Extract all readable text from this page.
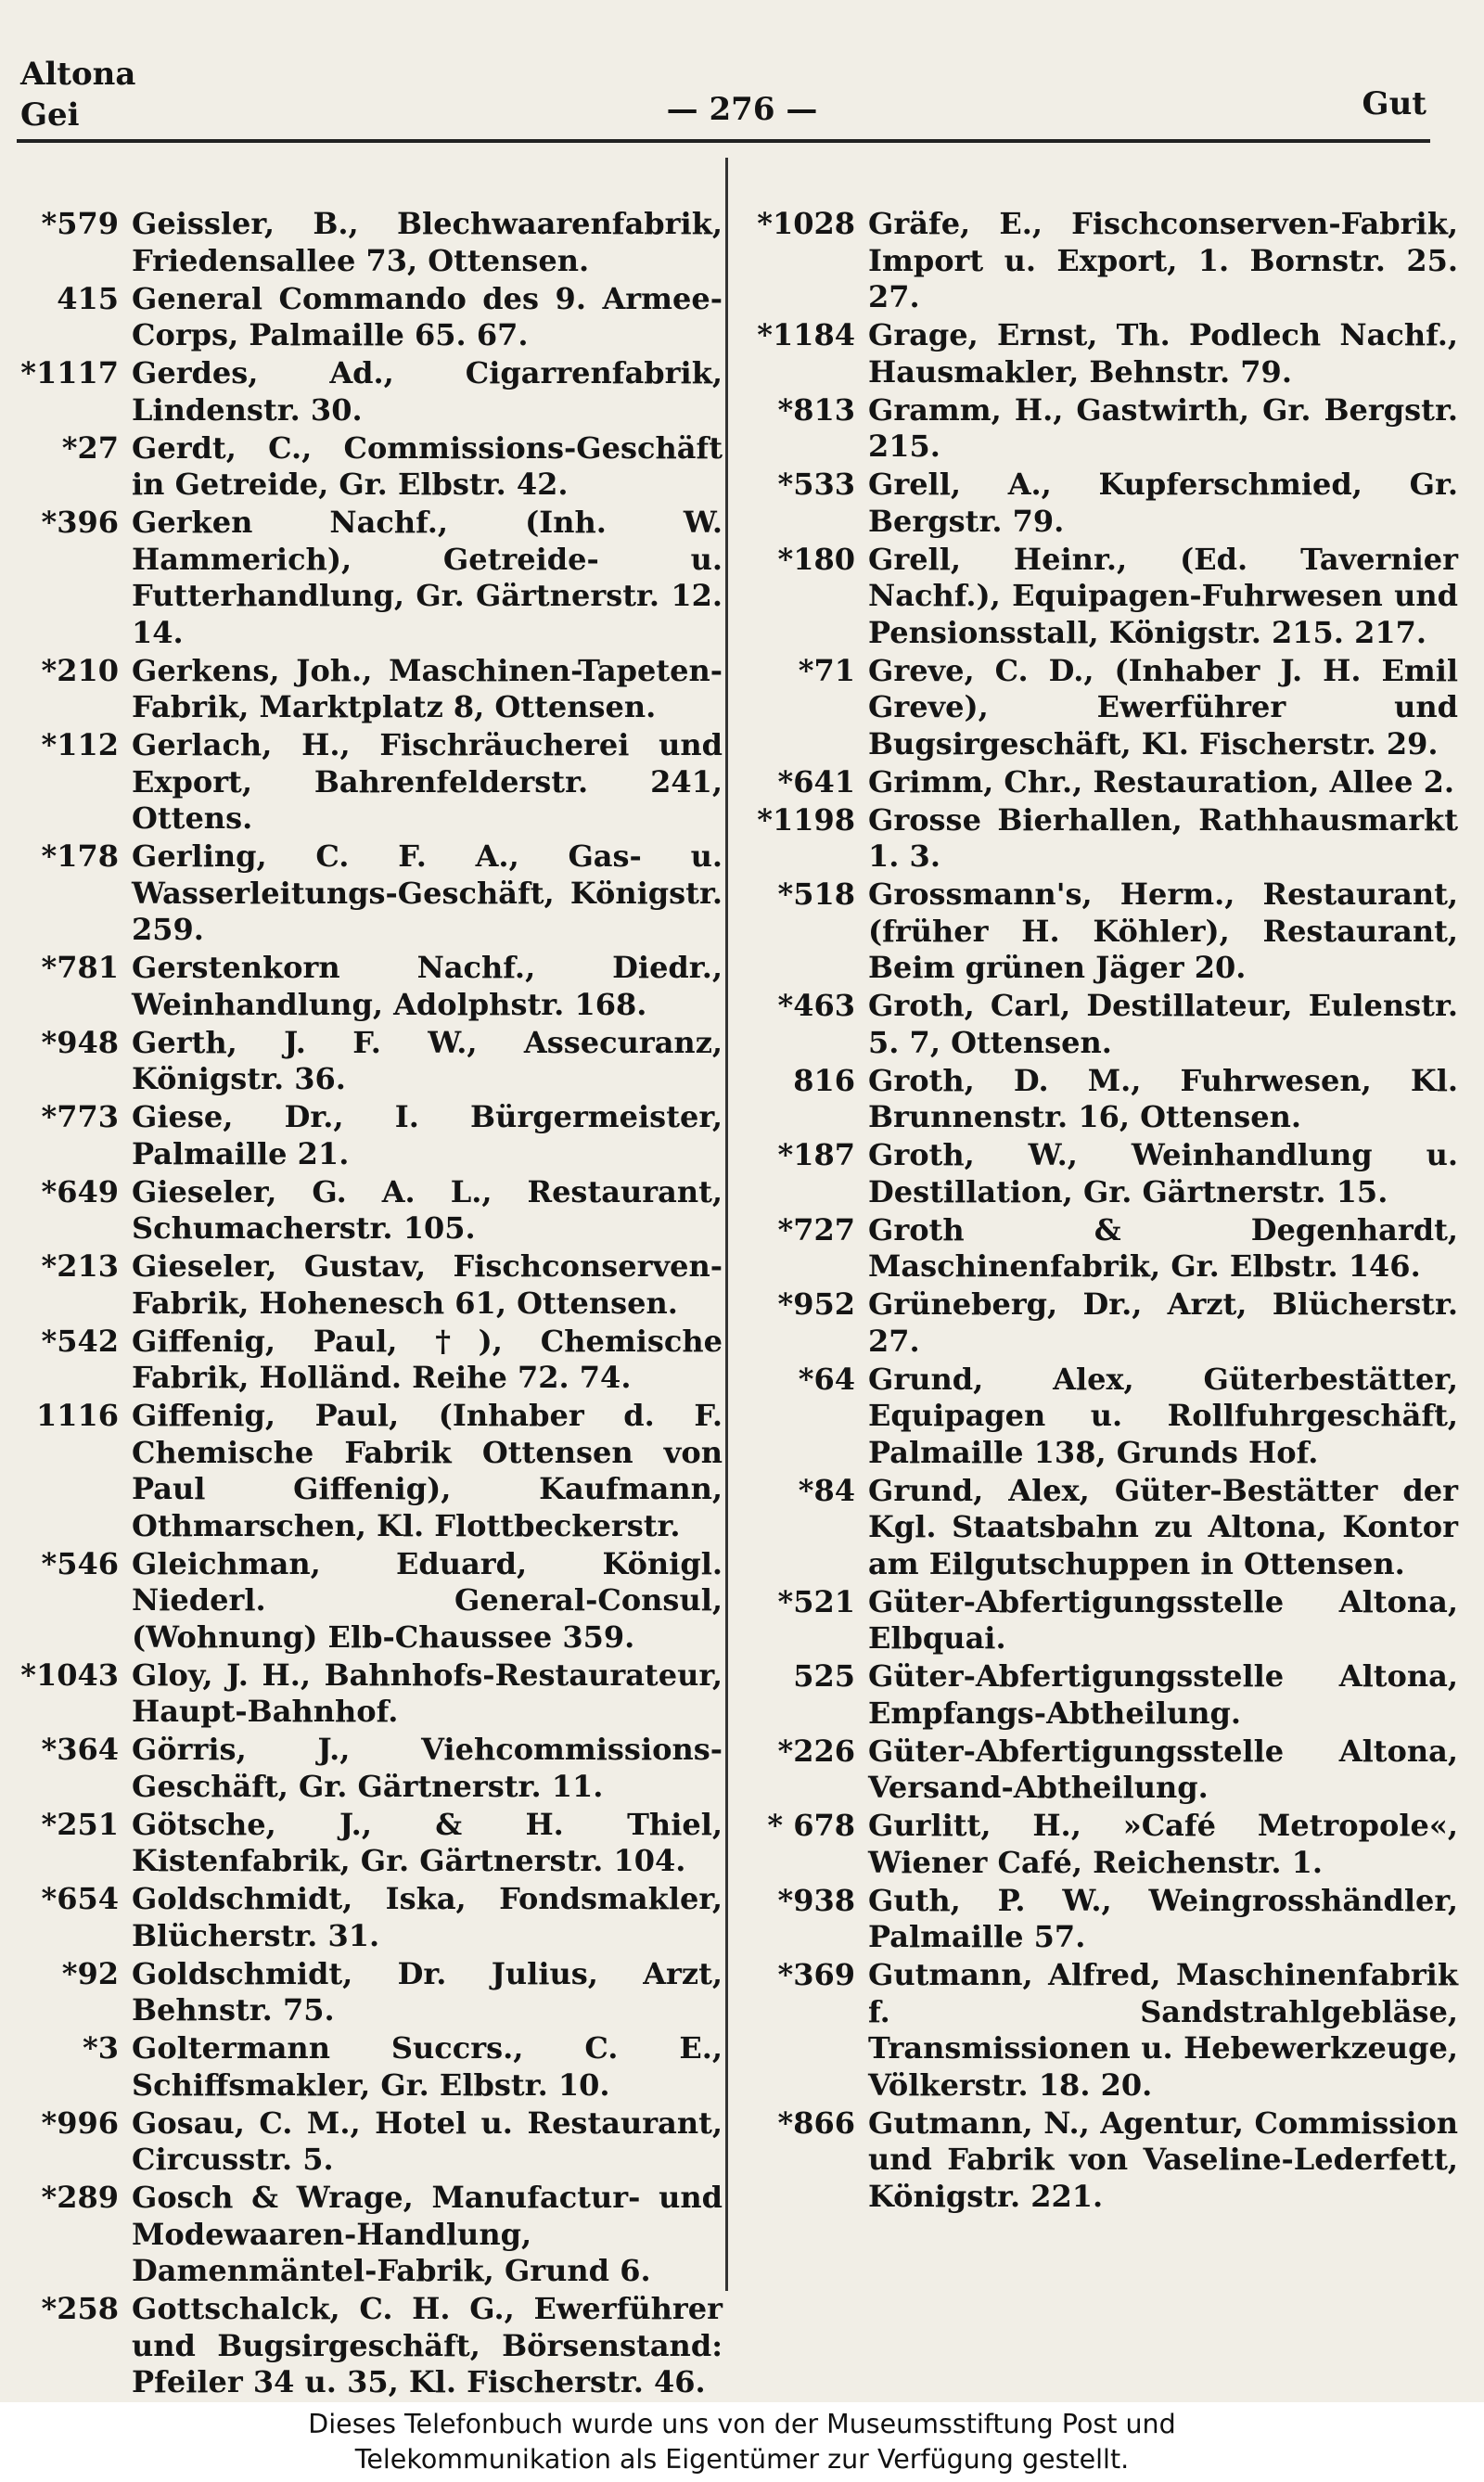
Altona
Gei	— 276 —	Gut
*579 Geissler, B., Blechwaarenfabrik, Friedensallee 73, Ottensen.
415 General Commando des 9. Armee-Corps, Palmaille 65. 67.
*1117 Gerdes, Ad., Cigarrenfabrik, Lindenstr. 30.
*27 Gerdt, C., Commissions-Geschäft in Getreide, Gr. Elbstr. 42.
*396 Gerken Nachf., (Inh. W. Hammerich), Getreide- u. Futterhandlung, Gr. Gärtnerstr. 12. 14.
*210 Gerkens, Joh., Maschinen-Tapeten-Fabrik, Marktplatz 8, Ottensen.
*112 Gerlach, H., Fischräucherei und Export, Bahrenfelderstr. 241, Ottens.
*178 Gerling, C. F. A., Gas- u. Wasserleitungs-Geschäft, Königstr. 259.
*781 Gerstenkorn Nachf., Diedr., Weinhandlung, Adolphstr. 168.
*948 Gerth, J. F. W., Assecuranz, Königstr. 36.
*773 Giese, Dr., I. Bürgermeister, Palmaille 21.
*649 Gieseler, G. A. L., Restaurant, Schumacherstr. 105.
*213 Gieseler, Gustav, Fischconserven-Fabrik, Hohenesch 61, Ottensen.
*542 Giffenig, Paul, †), Chemische Fabrik, Holländ. Reihe 72. 74.
1116 Giffenig, Paul, (Inhaber d. F. Chemische Fabrik Ottensen von Paul Giffenig), Kaufmann, Othmarschen, Kl. Flottbeckerstr.
*546 Gleichman, Eduard, Königl. Niederl. General-Consul, (Wohnung) Elb-Chaussee 359.
*1043 Gloy, J. H., Bahnhofs-Restaurateur, Haupt-Bahnhof.
*364 Görris, J., Viehcommissions-Geschäft, Gr. Gärtnerstr. 11.
*251 Götsche, J., & H. Thiel, Kistenfabrik, Gr. Gärtnerstr. 104.
*654 Goldschmidt, Iska, Fondsmakler, Blücherstr. 31.
*92 Goldschmidt, Dr. Julius, Arzt, Behnstr. 75.
*3 Goltermann Succrs., C. E., Schiffsmakler, Gr. Elbstr. 10.
*996 Gosau, C. M., Hotel u. Restaurant, Circusstr. 5.
*289 Gosch & Wrage, Manufactur- und Modewaaren-Handlung, Damenmäntel-Fabrik, Grund 6.
*258 Gottschalck, C. H. G., Ewerführer und Bugsirgeschäft, Börsenstand: Pfeiler 34 u. 35, Kl. Fischerstr. 46.
*1028 Gräfe, E., Fischconserven-Fabrik, Import u. Export, 1. Bornstr. 25. 27.
*1184 Grage, Ernst, Th. Podlech Nachf., Hausmakler, Behnstr. 79.
*813 Gramm, H., Gastwirth, Gr. Bergstr. 215.
*533 Grell, A., Kupferschmied, Gr. Bergstr. 79.
*180 Grell, Heinr., (Ed. Tavernier Nachf.), Equipagen-Fuhrwesen und Pensionsstall, Königstr. 215. 217.
*71 Greve, C. D., (Inhaber J. H. Emil Greve), Ewerführer und Bugsirgeschäft, Kl. Fischerstr. 29.
*641 Grimm, Chr., Restauration, Allee 2.
*1198 Grosse Bierhallen, Rathhausmarkt 1. 3.
*518 Grossmann's, Herm., Restaurant, (früher H. Köhler), Restaurant, Beim grünen Jäger 20.
*463 Groth, Carl, Destillateur, Eulenstr. 5. 7, Ottensen.
816 Groth, D. M., Fuhrwesen, Kl. Brunnenstr. 16, Ottensen.
*187 Groth, W., Weinhandlung u. Destillation, Gr. Gärtnerstr. 15.
*727 Groth & Degenhardt, Maschinenfabrik, Gr. Elbstr. 146.
*952 Grüneberg, Dr., Arzt, Blücherstr. 27.
*64 Grund, Alex, Güterbestätter, Equipagen u. Rollfuhrgeschäft, Palmaille 138, Grunds Hof.
*84 Grund, Alex, Güter-Bestätter der Kgl. Staatsbahn zu Altona, Kontor am Eilgutschuppen in Ottensen.
*521 Güter-Abfertigungsstelle Altona, Elbquai.
525 Güter-Abfertigungsstelle Altona, Empfangs-Abtheilung.
*226 Güter-Abfertigungsstelle Altona, Versand-Abtheilung.
* 678 Gurlitt, H., »Café Metropole«, Wiener Café, Reichenstr. 1.
*938 Guth, P. W., Weingrosshändler, Palmaille 57.
*369 Gutmann, Alfred, Maschinenfabrik f. Sandstrahlgebläse, Transmissionen u. Hebewerkzeuge, Völkerstr. 18. 20.
*866 Gutmann, N., Agentur, Commission und Fabrik von Vaseline-Lederfett, Königstr. 221.
Dieses Telefonbuch wurde uns von der Museumsstiftung Post und
Telekommunikation als Eigentümer zur Verfügung gestellt.
